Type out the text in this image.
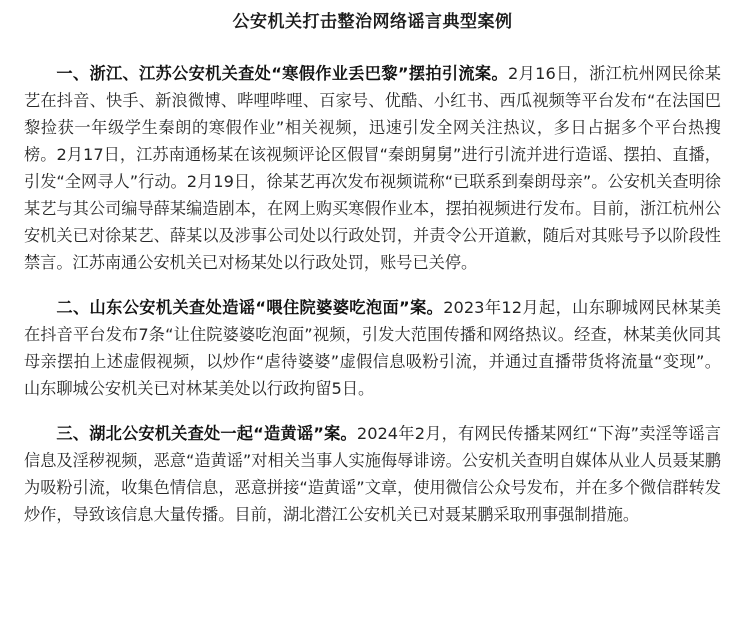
公安机关打击整治网络谣言典型案例

一、浙江、江苏公安机关查处“寒假作业丢巴黎”摆拍引流案。2月16日，浙江杭州网民徐某艺在抖音、快手、新浪微博、哔哩哔哩、百家号、优酷、小红书、西瓜视频等平台发布“在法国巴黎捡获一年级学生秦朗的寒假作业”相关视频，迅速引发全网关注热议，多日占据多个平台热搜榜。2月17日，江苏南通杨某在该视频评论区假冒“秦朗舅舅”进行引流并进行造谣、摆拍、直播，引发“全网寻人”行动。2月19日，徐某艺再次发布视频谎称“已联系到秦朗母亲”。公安机关查明徐某艺与其公司编导薛某编造剧本，在网上购买寒假作业本，摆拍视频进行发布。目前，浙江杭州公安机关已对徐某艺、薛某以及涉事公司处以行政处罚，并责令公开道歉，随后对其账号予以阶段性禁言。江苏南通公安机关已对杨某处以行政处罚，账号已关停。

二、山东公安机关查处造谣“喂住院婆婆吃泡面”案。2023年12月起，山东聊城网民林某美在抖音平台发布7条“让住院婆婆吃泡面”视频，引发大范围传播和网络热议。经查，林某美伙同其母亲摆拍上述虚假视频，以炒作“虐待婆婆”虚假信息吸粉引流，并通过直播带货将流量“变现”。山东聊城公安机关已对林某美处以行政拘留5日。

三、湖北公安机关查处一起“造黄谣”案。2024年2月，有网民传播某网红“下海”卖淫等谣言信息及淫秽视频，恶意“造黄谣”对相关当事人实施侮辱诽谤。公安机关查明自媒体从业人员聂某鹏为吸粉引流，收集色情信息，恶意拼接“造黄谣”文章，使用微信公众号发布，并在多个微信群转发炒作，导致该信息大量传播。目前，湖北潜江公安机关已对聂某鹏采取刑事强制措施。
